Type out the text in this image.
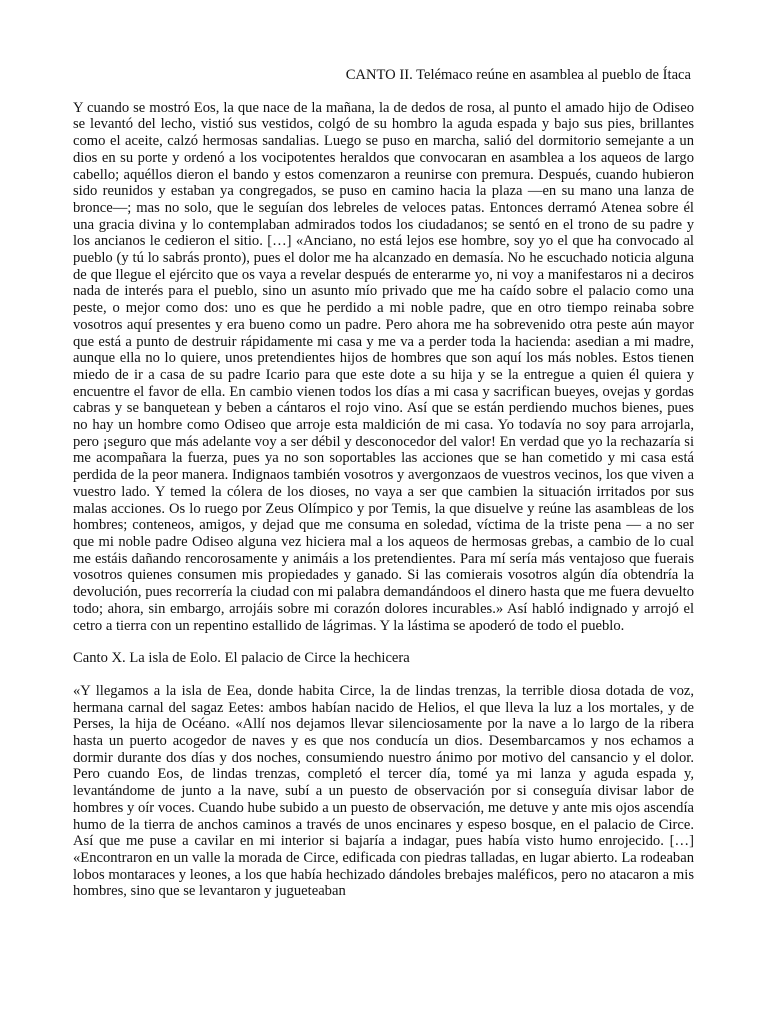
CANTO II. Telémaco reúne en asamblea al pueblo de Ítaca

Y cuando se mostró Eos, la que nace de la mañana, la de dedos de rosa, al punto el amado hijo de Odiseo se levantó del lecho, vistió sus vestidos, colgó de su hombro la aguda espada y bajo sus pies, brillantes como el aceite, calzó hermosas sandalias. Luego se puso en marcha, salió del dormitorio semejante a un dios en su porte y ordenó a los vocipotentes heraldos que convocaran en asamblea a los aqueos de largo cabello; aquéllos dieron el bando y estos comenzaron a reunirse con premura. Después, cuando hubieron sido reunidos y estaban ya congregados, se puso en camino hacia la plaza —en su mano una lanza de bronce—; mas no solo, que le seguían dos lebreles de veloces patas. Entonces derramó Atenea sobre él una gracia divina y lo contemplaban admirados todos los ciudadanos; se sentó en el trono de su padre y los ancianos le cedieron el sitio. […] «Anciano, no está lejos ese hombre, soy yo el que ha convocado al pueblo (y tú lo sabrás pronto), pues el dolor me ha alcanzado en demasía. No he escuchado noticia alguna de que llegue el ejército que os vaya a revelar después de enterarme yo, ni voy a manifestaros ni a deciros nada de interés para el pueblo, sino un asunto mío privado que me ha caído sobre el palacio como una peste, o mejor como dos: uno es que he perdido a mi noble padre, que en otro tiempo reinaba sobre vosotros aquí presentes y era bueno como un padre. Pero ahora me ha sobrevenido otra peste aún mayor que está a punto de destruir rápidamente mi casa y me va a perder toda la hacienda: asedian a mi madre, aunque ella no lo quiere, unos pretendientes hijos de hombres que son aquí los más nobles. Estos tienen miedo de ir a casa de su padre Icario para que este dote a su hija y se la entregue a quien él quiera y encuentre el favor de ella. En cambio vienen todos los días a mi casa y sacrifican bueyes, ovejas y gordas cabras y se banquetean y beben a cántaros el rojo vino. Así que se están perdiendo muchos bienes, pues no hay un hombre como Odiseo que arroje esta maldición de mi casa. Yo todavía no soy para arrojarla, pero ¡seguro que más adelante voy a ser débil y desconocedor del valor! En verdad que yo la rechazaría si me acompañara la fuerza, pues ya no son soportables las acciones que se han cometido y mi casa está perdida de la peor manera. Indignaos también vosotros y avergonzaos de vuestros vecinos, los que viven a vuestro lado. Y temed la cólera de los dioses, no vaya a ser que cambien la situación irritados por sus malas acciones. Os lo ruego por Zeus Olímpico y por Temis, la que disuelve y reúne las asambleas de los hombres; conteneos, amigos, y dejad que me consuma en soledad, víctima de la triste pena — a no ser que mi noble padre Odiseo alguna vez hiciera mal a los aqueos de hermosas grebas, a cambio de lo cual me estáis dañando rencorosamente y animáis a los pretendientes. Para mí sería más ventajoso que fuerais vosotros quienes consumen mis propiedades y ganado. Si las comierais vosotros algún día obtendría la devolución, pues recorrería la ciudad con mi palabra demandándoos el dinero hasta que me fuera devuelto todo; ahora, sin embargo, arrojáis sobre mi corazón dolores incurables.» Así habló indignado y arrojó el cetro a tierra con un repentino estallido de lágrimas. Y la lástima se apoderó de todo el pueblo.

Canto X. La isla de Eolo. El palacio de Circe la hechicera

«Y llegamos a la isla de Eea, donde habita Circe, la de lindas trenzas, la terrible diosa dotada de voz, hermana carnal del sagaz Eetes: ambos habían nacido de Helios, el que lleva la luz a los mortales, y de Perses, la hija de Océano. «Allí nos dejamos llevar silenciosamente por la nave a lo largo de la ribera hasta un puerto acogedor de naves y es que nos conducía un dios. Desembarcamos y nos echamos a dormir durante dos días y dos noches, consumiendo nuestro ánimo por motivo del cansancio y el dolor. Pero cuando Eos, de lindas trenzas, completó el tercer día, tomé ya mi lanza y aguda espada y, levantándome de junto a la nave, subí a un puesto de observación por si conseguía divisar labor de hombres y oír voces. Cuando hube subido a un puesto de observación, me detuve y ante mis ojos ascendía humo de la tierra de anchos caminos a través de unos encinares y espeso bosque, en el palacio de Circe. Así que me puse a cavilar en mi interior si bajaría a indagar, pues había visto humo enrojecido. […] «Encontraron en un valle la morada de Circe, edificada con piedras talladas, en lugar abierto. La rodeaban lobos montaraces y leones, a los que había hechizado dándoles brebajes maléficos, pero no atacaron a mis hombres, sino que se levantaron y jugueteaban
